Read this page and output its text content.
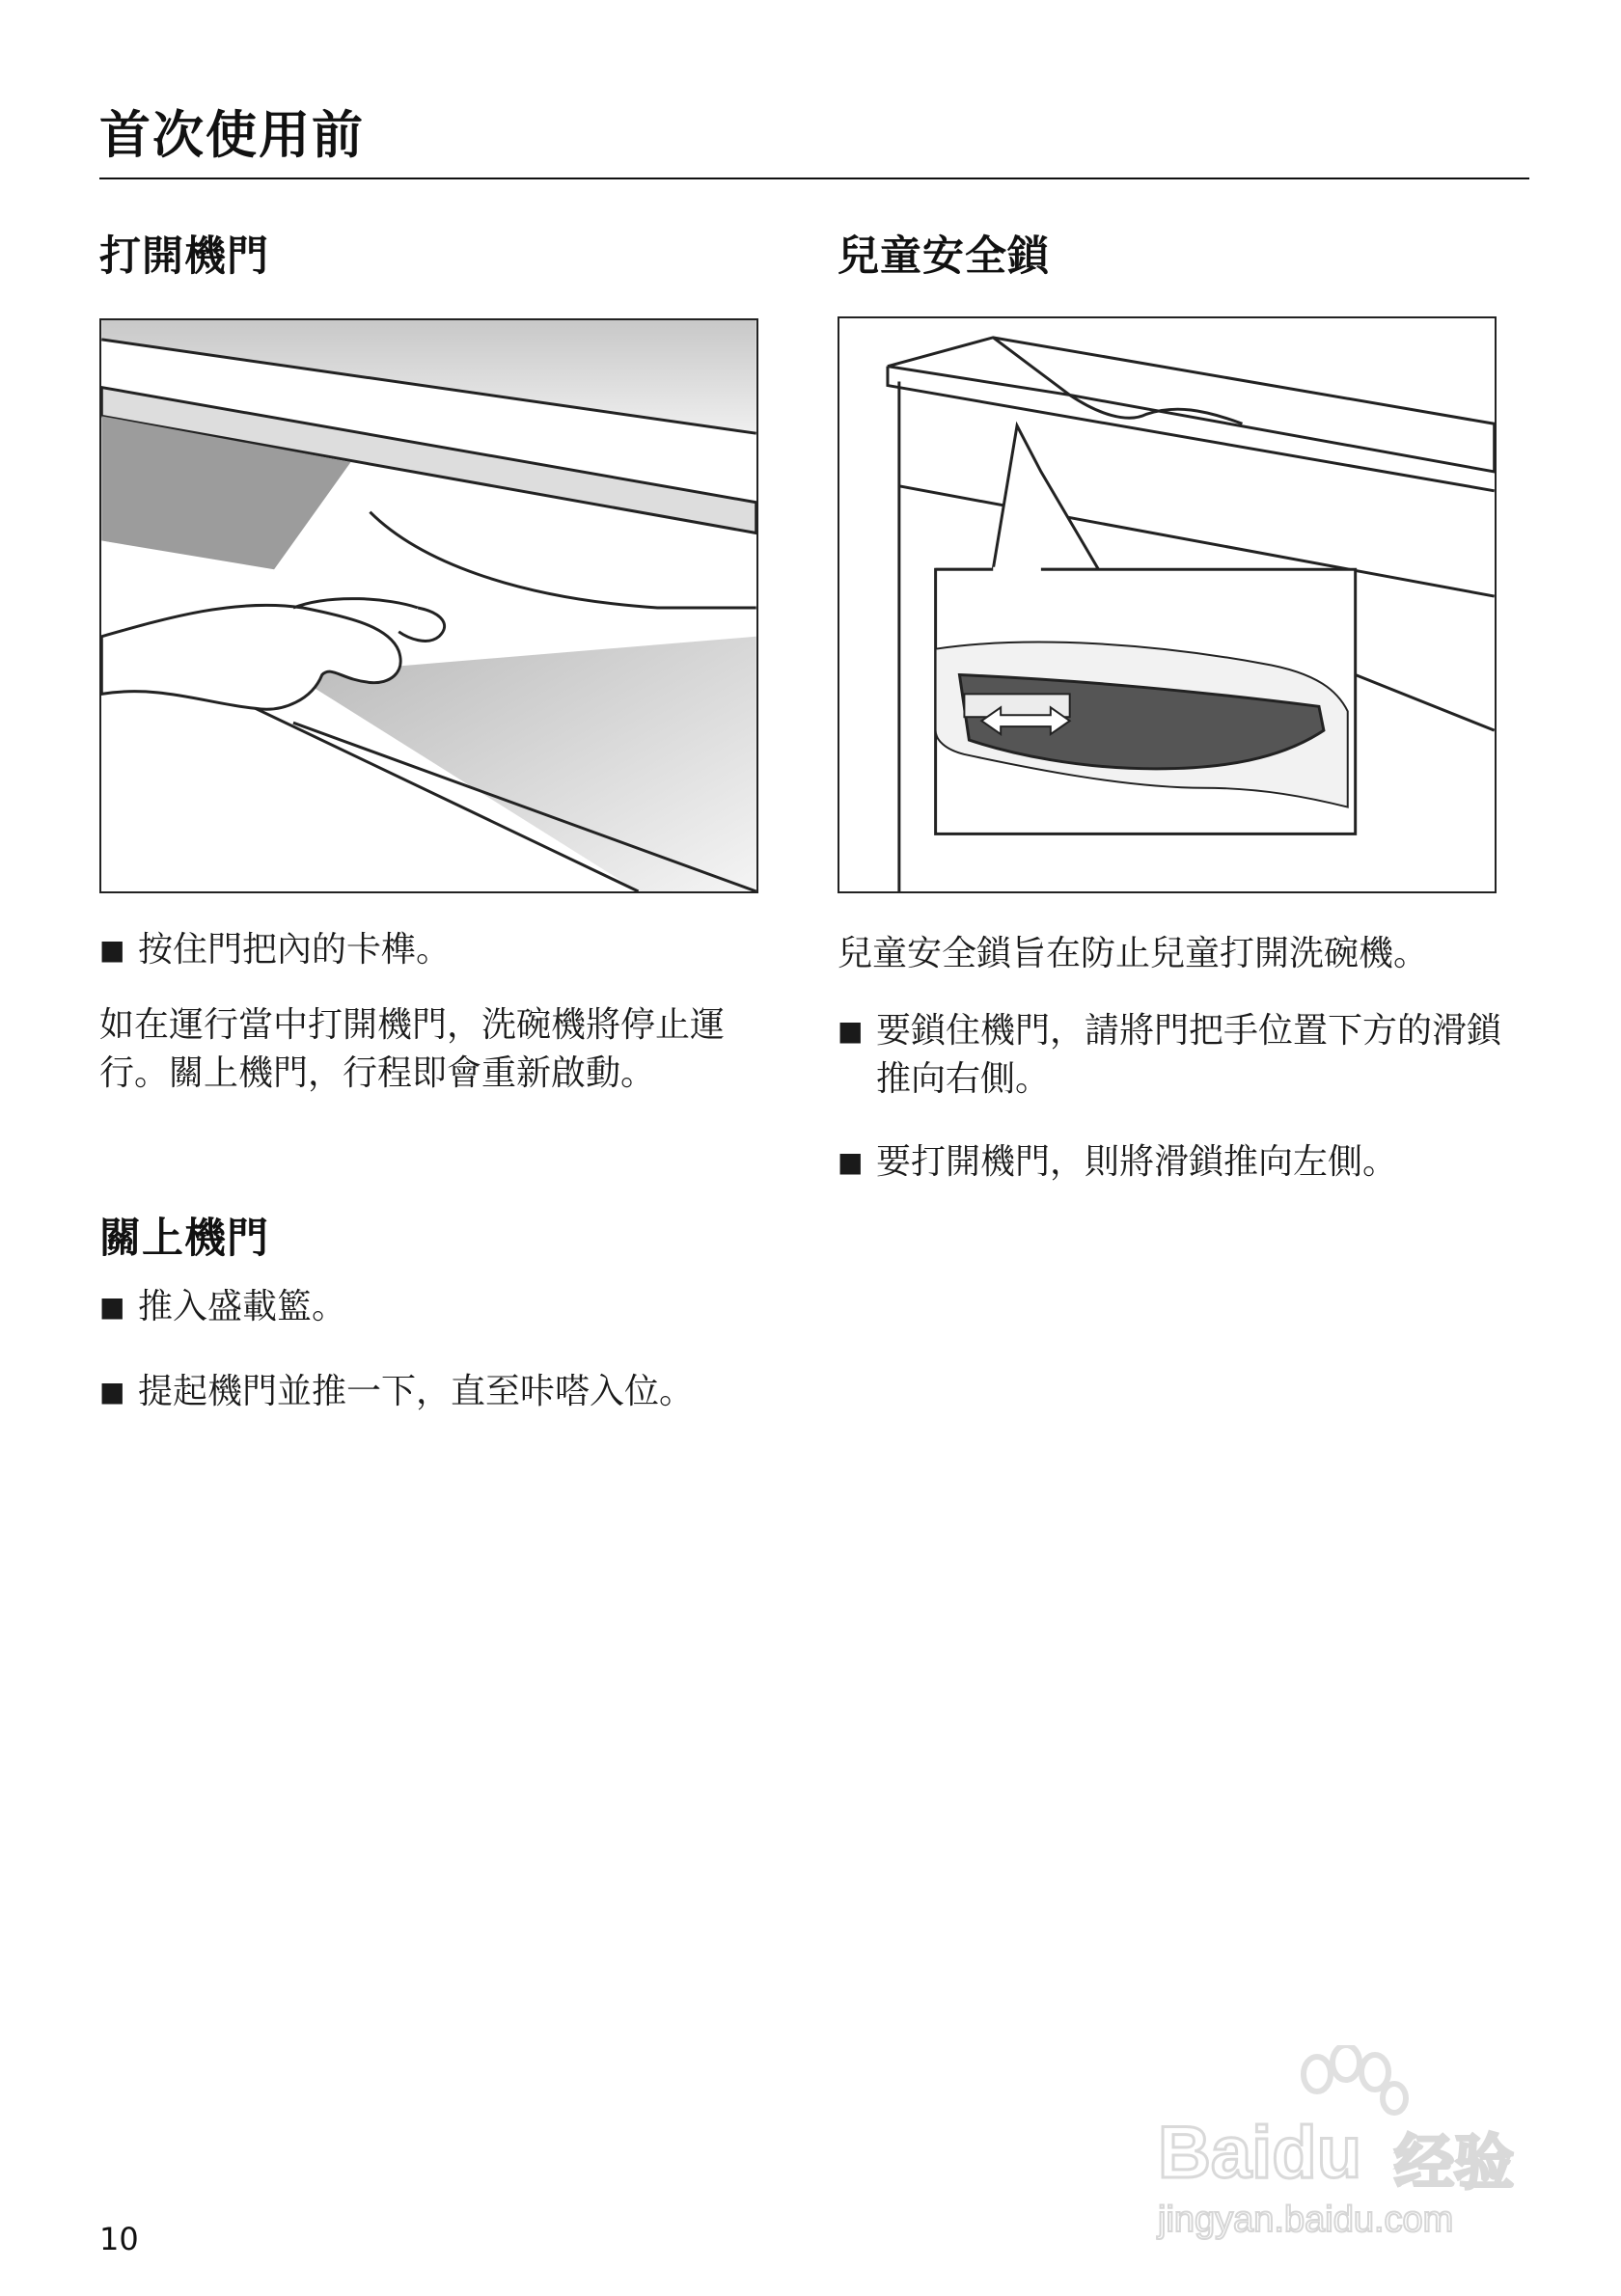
首次使用前
打開機門
■ 按住門把內的卡榫。
如在運行當中打開機門，洗碗機將停止運行。關上機門，行程即會重新啟動。
關上機門
■ 推入盛載籃。
■ 提起機門並推一下，直至咔嗒入位。
兒童安全鎖
兒童安全鎖旨在防止兒童打開洗碗機。
■ 要鎖住機門，請將門把手位置下方的滑鎖推向右側。
■ 要打開機門，則將滑鎖推向左側。
10
Baidu 经验
jingyan.baidu.com
